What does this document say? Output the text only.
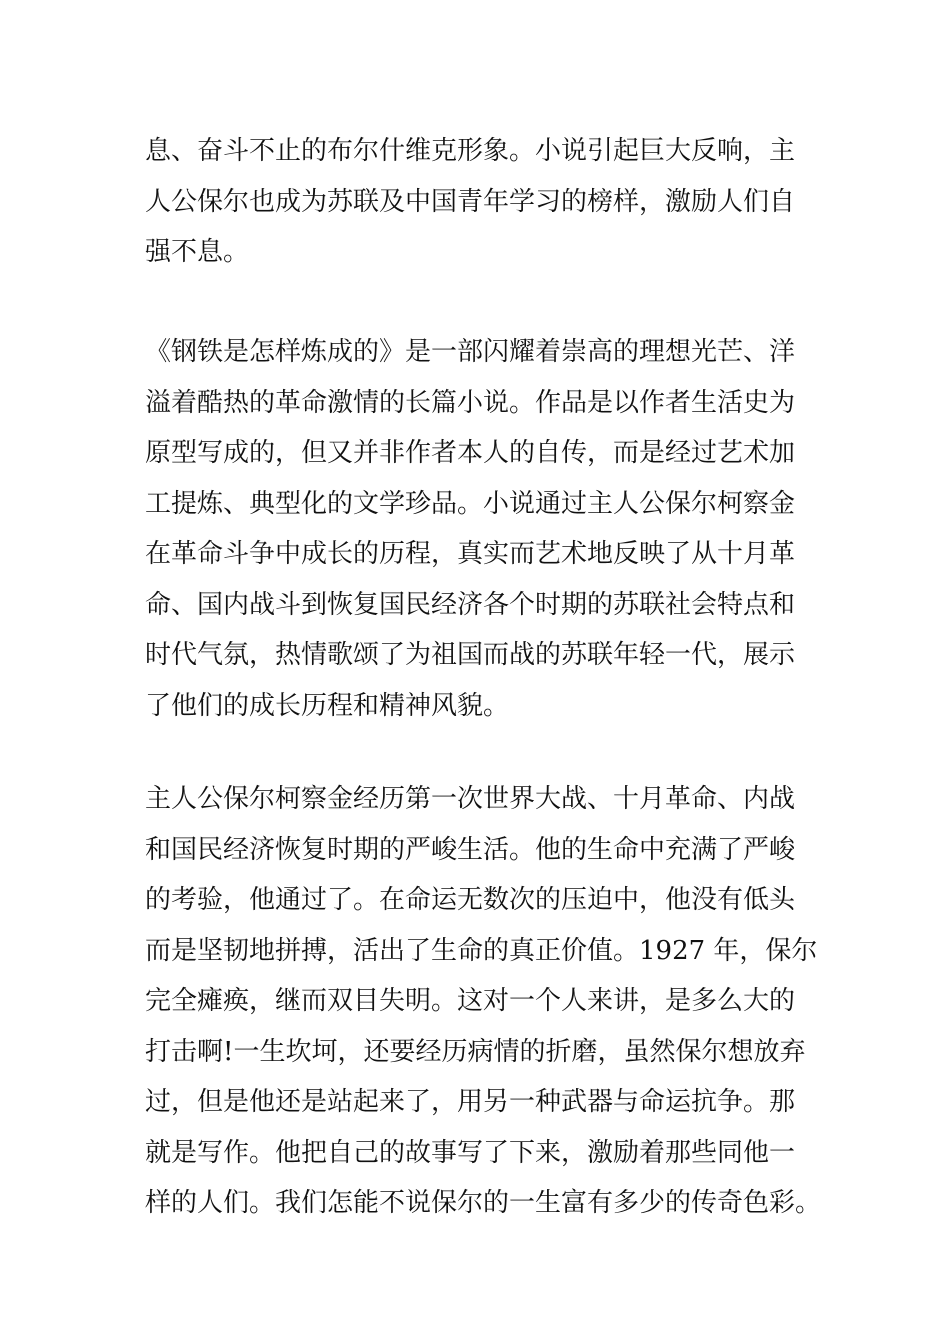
息、奋斗不止的布尔什维克形象。小说引起巨大反响，主
人公保尔也成为苏联及中国青年学习的榜样，激励人们自
强不息。
《钢铁是怎样炼成的》是一部闪耀着崇高的理想光芒、洋
溢着酷热的革命激情的长篇小说。作品是以作者生活史为
原型写成的，但又并非作者本人的自传，而是经过艺术加
工提炼、典型化的文学珍品。小说通过主人公保尔柯察金
在革命斗争中成长的历程，真实而艺术地反映了从十月革
命、国内战斗到恢复国民经济各个时期的苏联社会特点和
时代气氛，热情歌颂了为祖国而战的苏联年轻一代，展示
了他们的成长历程和精神风貌。
主人公保尔柯察金经历第一次世界大战、十月革命、内战
和国民经济恢复时期的严峻生活。他的生命中充满了严峻
的考验，他通过了。在命运无数次的压迫中，他没有低头
而是坚韧地拼搏，活出了生命的真正价值。1927 年，保尔
完全瘫痪，继而双目失明。这对一个人来讲，是多么大的
打击啊!一生坎坷，还要经历病情的折磨，虽然保尔想放弃
过，但是他还是站起来了，用另一种武器与命运抗争。那
就是写作。他把自己的故事写了下来，激励着那些同他一
样的人们。我们怎能不说保尔的一生富有多少的传奇色彩。
